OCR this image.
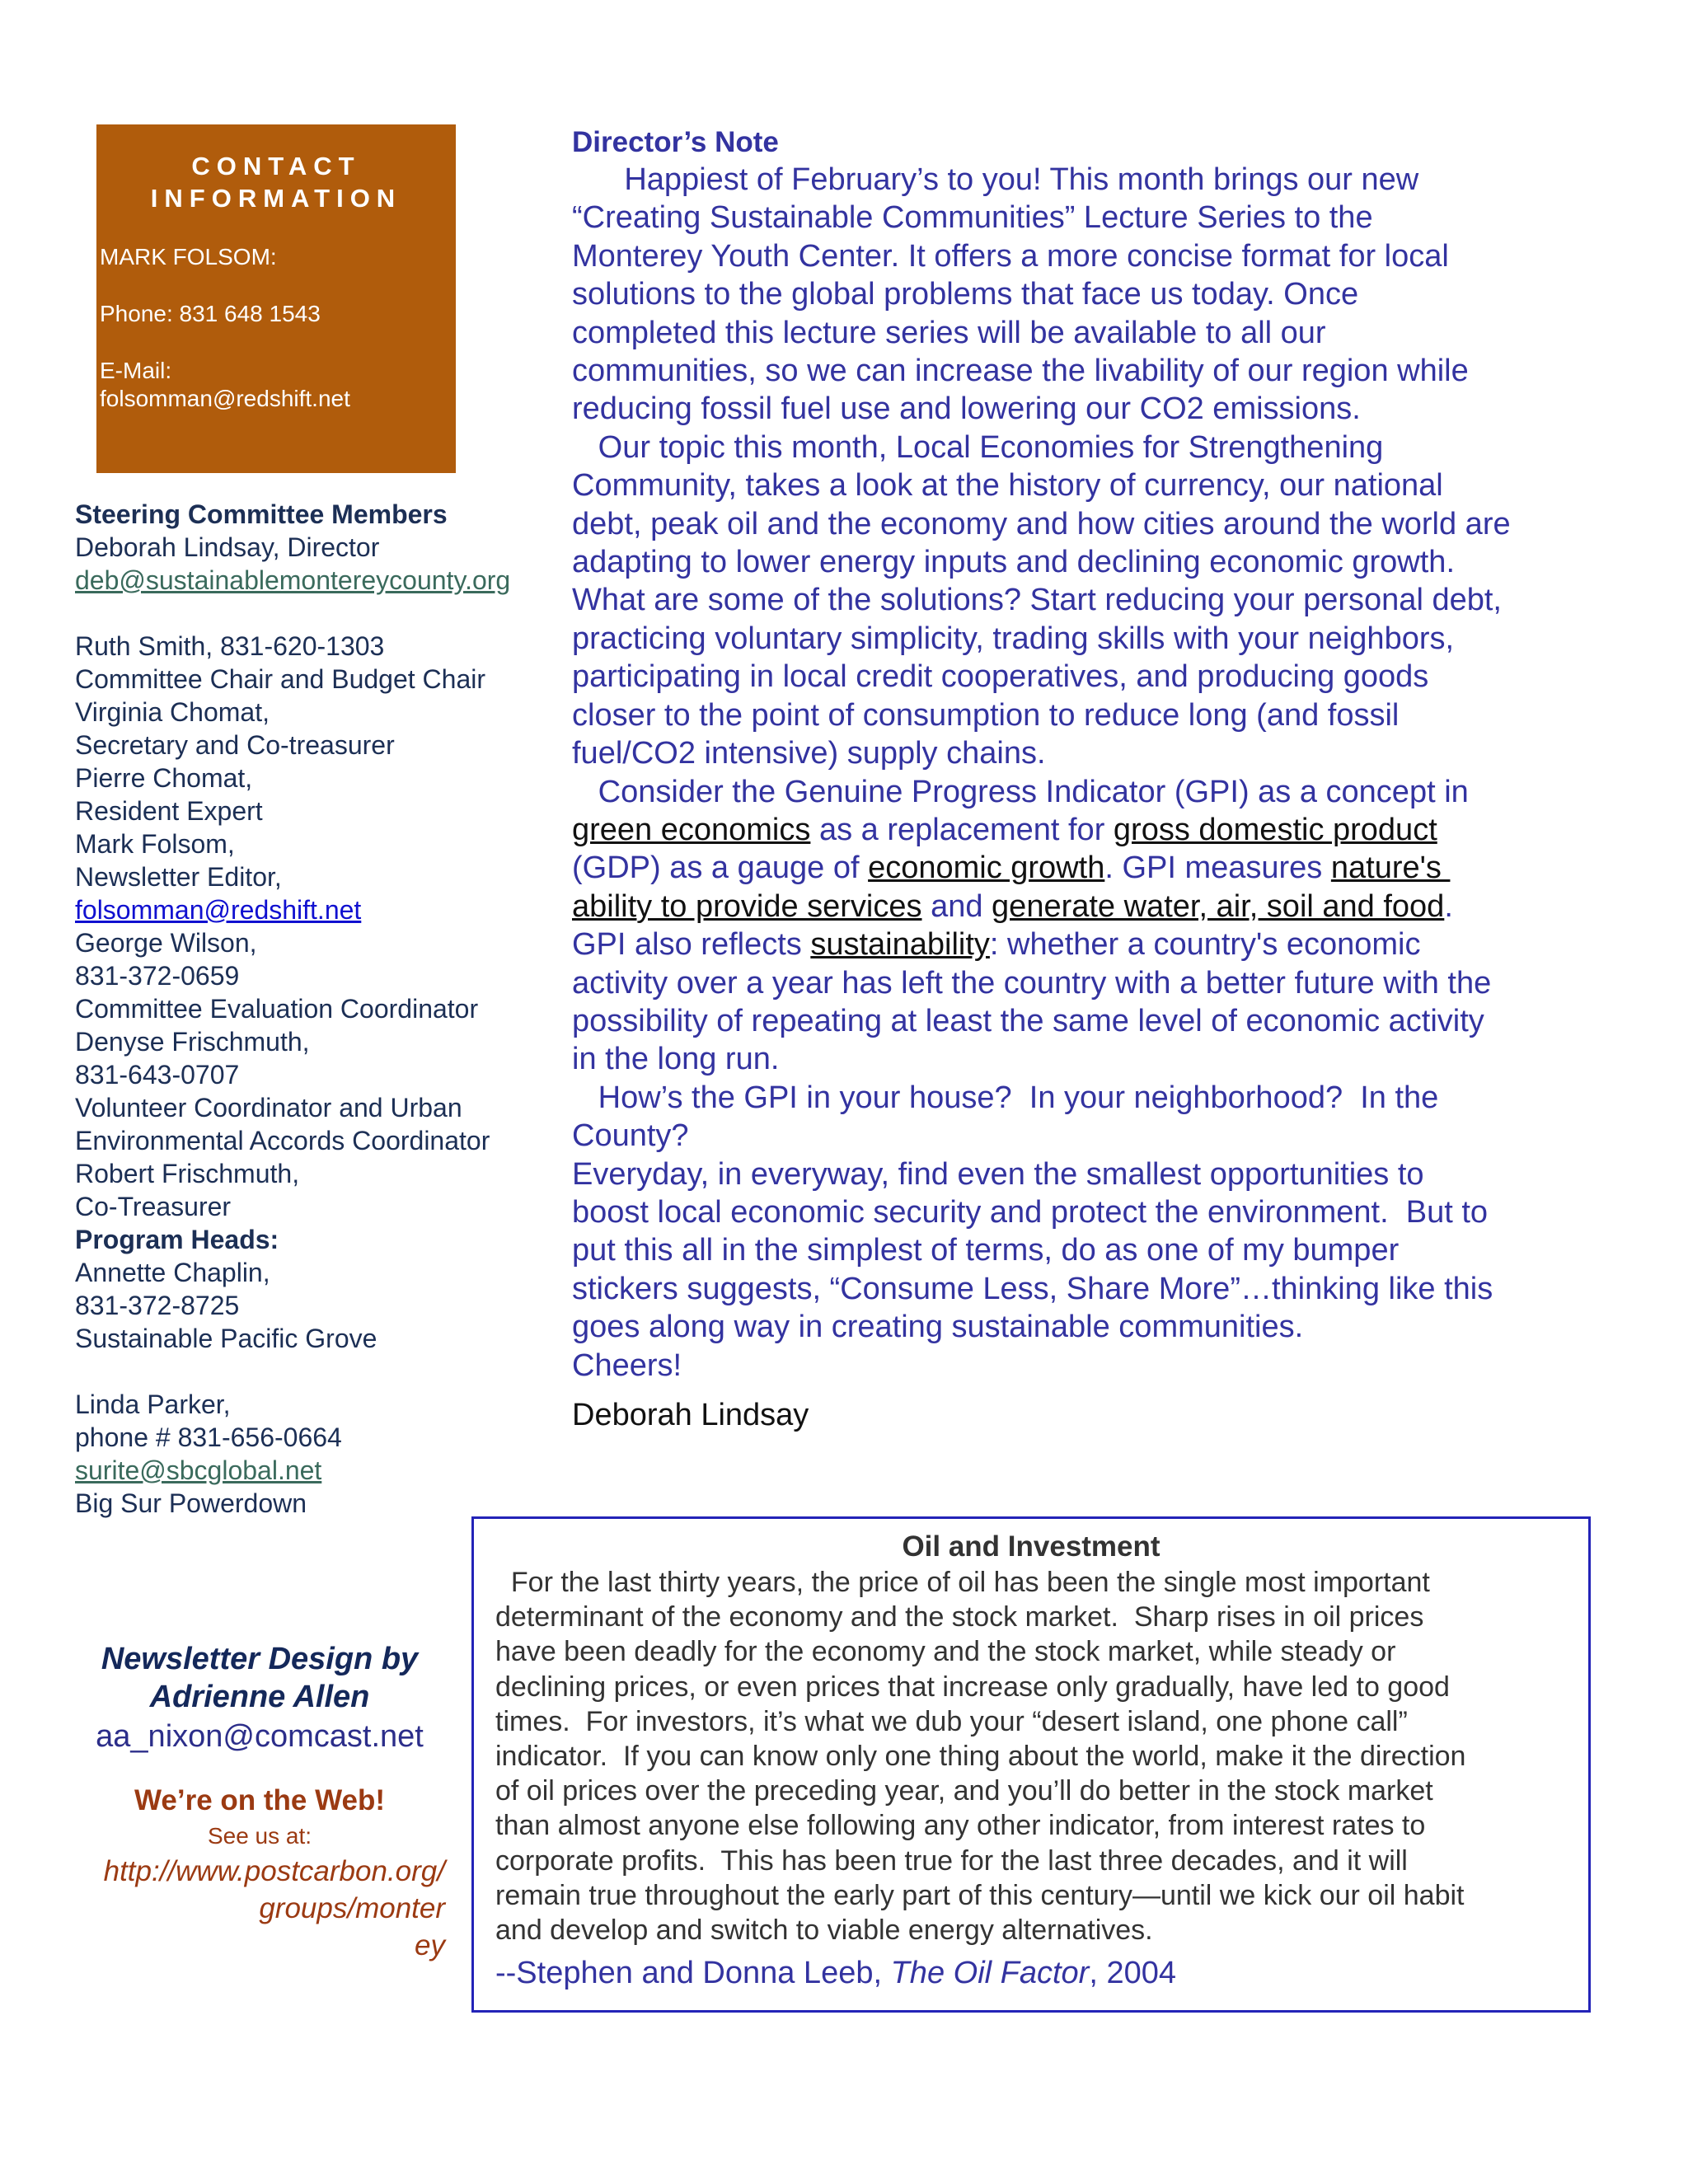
CONTACT
INFORMATION
MARK FOLSOM:
Phone: 831 648 1543
E-Mail:
folsomman@redshift.net
Steering Committee Members
Deborah Lindsay, Director
deb@sustainablemontereycounty.org
Ruth Smith, 831-620-1303
Committee Chair and Budget Chair
Virginia Chomat,
Secretary and Co-treasurer
Pierre Chomat,
Resident Expert
Mark Folsom,
Newsletter Editor,
folsomman@redshift.net
George Wilson,
831-372-0659
Committee Evaluation Coordinator
Denyse Frischmuth,
831-643-0707
Volunteer Coordinator and Urban
Environmental Accords Coordinator
Robert Frischmuth,
Co-Treasurer
Program Heads:
Annette Chaplin,
831-372-8725
Sustainable Pacific Grove
Linda Parker,
phone # 831-656-0664
surite@sbcglobal.net
Big Sur Powerdown
Newsletter Design by
Adrienne Allen
aa_nixon@comcast.net
We’re on the Web!
See us at:
http://www.postcarbon.org/
groups/monter
ey
Director’s Note
Happiest of February’s to you! This month brings our new
“Creating Sustainable Communities” Lecture Series to the
Monterey Youth Center. It offers a more concise format for local
solutions to the global problems that face us today. Once
completed this lecture series will be available to all our
communities, so we can increase the livability of our region while
reducing fossil fuel use and lowering our CO2 emissions.
Our topic this month, Local Economies for Strengthening
Community, takes a look at the history of currency, our national
debt, peak oil and the economy and how cities around the world are
adapting to lower energy inputs and declining economic growth.
What are some of the solutions? Start reducing your personal debt,
practicing voluntary simplicity, trading skills with your neighbors,
participating in local credit cooperatives, and producing goods
closer to the point of consumption to reduce long (and fossil
fuel/CO2 intensive) supply chains.
Consider the Genuine Progress Indicator (GPI) as a concept in
green economics as a replacement for gross domestic product
(GDP) as a gauge of economic growth. GPI measures nature's
ability to provide services and generate water, air, soil and food.
GPI also reflects sustainability: whether a country's economic
activity over a year has left the country with a better future with the
possibility of repeating at least the same level of economic activity
in the long run.
How’s the GPI in your house?  In your neighborhood?  In the
County?
Everyday, in everyway, find even the smallest opportunities to
boost local economic security and protect the environment.  But to
put this all in the simplest of terms, do as one of my bumper
stickers suggests, “Consume Less, Share More”…thinking like this
goes along way in creating sustainable communities.
Cheers!
Deborah Lindsay
Oil and Investment
For the last thirty years, the price of oil has been the single most important
determinant of the economy and the stock market.  Sharp rises in oil prices
have been deadly for the economy and the stock market, while steady or
declining prices, or even prices that increase only gradually, have led to good
times.  For investors, it’s what we dub your “desert island, one phone call”
indicator.  If you can know only one thing about the world, make it the direction
of oil prices over the preceding year, and you’ll do better in the stock market
than almost anyone else following any other indicator, from interest rates to
corporate profits.  This has been true for the last three decades, and it will
remain true throughout the early part of this century—until we kick our oil habit
and develop and switch to viable energy alternatives.
--Stephen and Donna Leeb, The Oil Factor, 2004
